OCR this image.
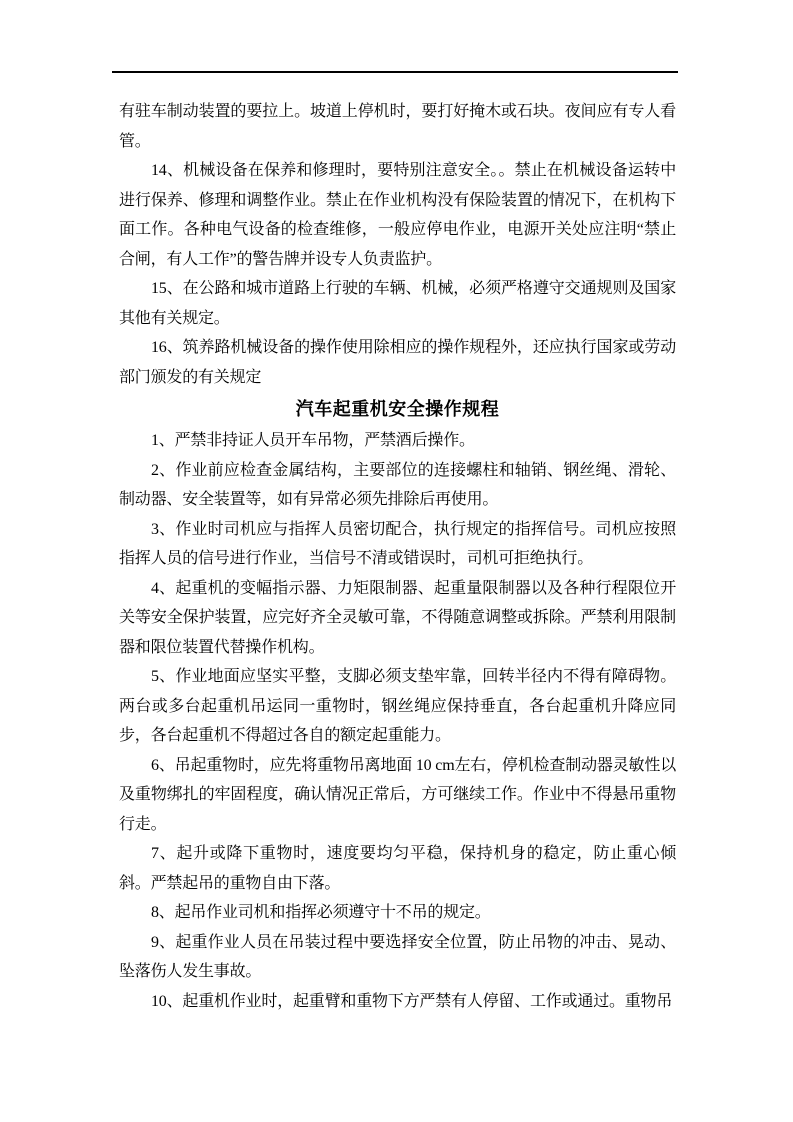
有驻车制动装置的要拉上。坡道上停机时，要打好掩木或石块。夜间应有专人看管。

14、机械设备在保养和修理时，要特别注意安全。。禁止在机械设备运转中进行保养、修理和调整作业。禁止在作业机构没有保险装置的情况下，在机构下面工作。各种电气设备的检查维修，一般应停电作业，电源开关处应注明“禁止合闸，有人工作”的警告牌并设专人负责监护。

15、在公路和城市道路上行驶的车辆、机械，必须严格遵守交通规则及国家其他有关规定。

16、筑养路机械设备的操作使用除相应的操作规程外，还应执行国家或劳动部门颁发的有关规定

汽车起重机安全操作规程

1、严禁非持证人员开车吊物，严禁酒后操作。

2、作业前应检查金属结构，主要部位的连接螺柱和轴销、钢丝绳、滑轮、制动器、安全装置等，如有异常必须先排除后再使用。

3、作业时司机应与指挥人员密切配合，执行规定的指挥信号。司机应按照指挥人员的信号进行作业，当信号不清或错误时，司机可拒绝执行。

4、起重机的变幅指示器、力矩限制器、起重量限制器以及各种行程限位开关等安全保护装置，应完好齐全灵敏可靠，不得随意调整或拆除。严禁利用限制器和限位装置代替操作机构。

5、作业地面应坚实平整，支脚必须支垫牢靠，回转半径内不得有障碍物。两台或多台起重机吊运同一重物时，钢丝绳应保持垂直，各台起重机升降应同步，各台起重机不得超过各自的额定起重能力。

6、吊起重物时，应先将重物吊离地面 10 cm左右，停机检查制动器灵敏性以及重物绑扎的牢固程度，确认情况正常后，方可继续工作。作业中不得悬吊重物行走。

7、起升或降下重物时，速度要均匀平稳，保持机身的稳定，防止重心倾斜。严禁起吊的重物自由下落。

8、起吊作业司机和指挥必须遵守十不吊的规定。

9、起重作业人员在吊装过程中要选择安全位置，防止吊物的冲击、晃动、坠落伤人发生事故。

10、起重机作业时，起重臂和重物下方严禁有人停留、工作或通过。重物吊
